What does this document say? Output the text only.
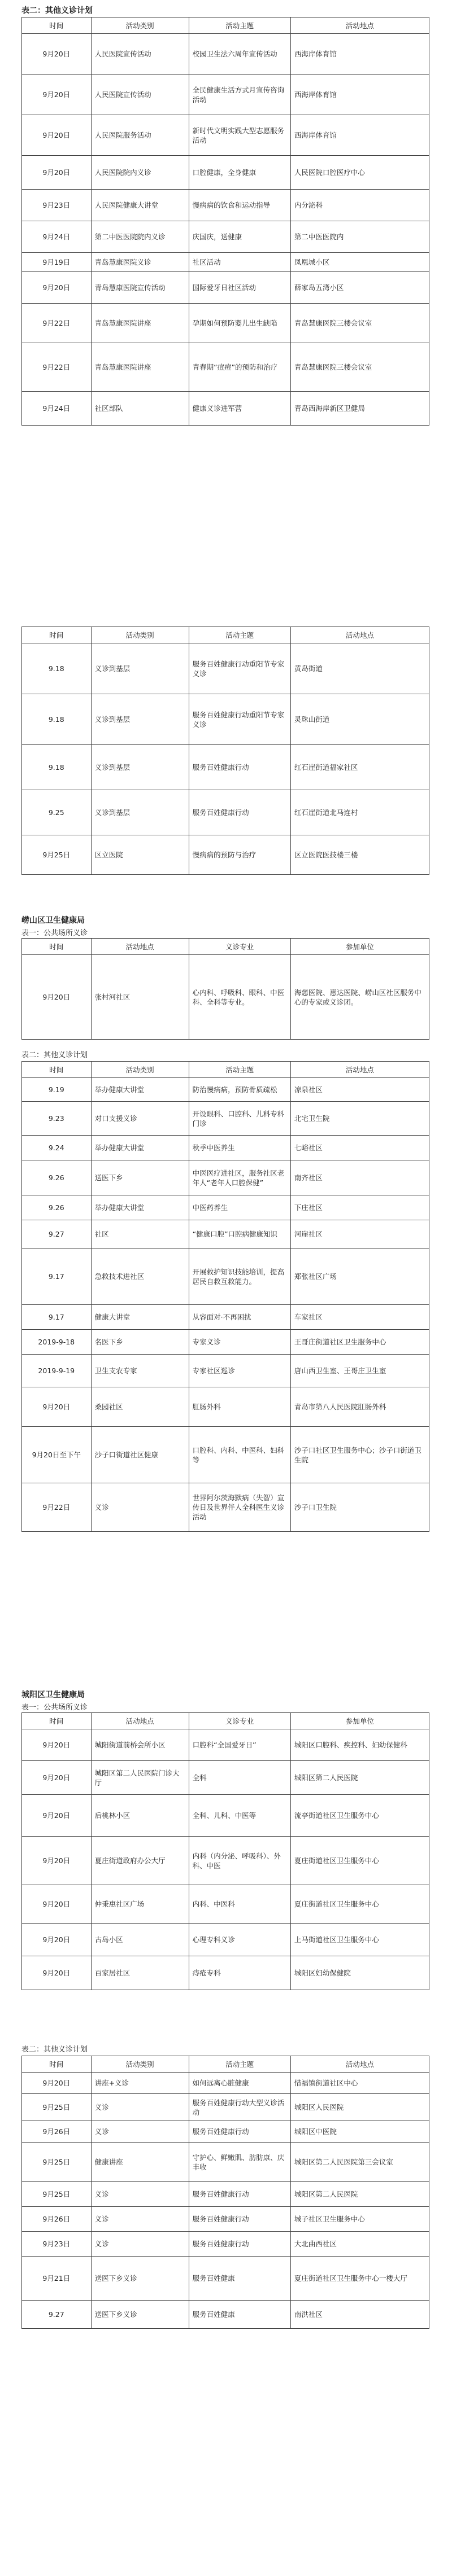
表二：其他义诊计划
时间	活动类别	活动主题	活动地点
9月20日	人民医院宣传活动	校园卫生法六周年宣传活动	西海岸体育馆
9月20日	人民医院宣传活动	全民健康生活方式月宣传咨询活动	西海岸体育馆
9月20日	人民医院服务活动	新时代文明实践大型志愿服务活动	西海岸体育馆
9月20日	人民医院院内义诊	口腔健康，全身健康	人民医院口腔医疗中心
9月23日	人民医院健康大讲堂	慢病病的饮食和运动指导	内分泌科
9月24日	第二中医医院院内义诊	庆国庆，送健康	第二中医医院内
9月19日	青岛慧康医院义诊	社区活动	凤凰城小区
9月20日	青岛慧康医院宣传活动	国际爱牙日社区活动	薛家岛五湾小区
9月22日	青岛慧康医院讲座	孕期如何预防婴儿出生缺陷	青岛慧康医院三楼会议室
9月22日	青岛慧康医院讲座	青春期“痘痘”的预防和治疗	青岛慧康医院三楼会议室
9月24日	社区部队	健康义诊进军营	青岛西海岸新区卫健局
时间	活动类别	活动主题	活动地点
9.18	义诊到基层	服务百姓健康行动重阳节专家义诊	黄岛街道
9.18	义诊到基层	服务百姓健康行动重阳节专家义诊	灵珠山街道
9.18	义诊到基层	服务百姓健康行动	红石崖街道福家社区
9.25	义诊到基层	服务百姓健康行动	红石崖街道北马连村
9月25日	区立医院	慢病病的预防与治疗	区立医院医技楼三楼
崂山区卫生健康局
表一：公共场所义诊
时间	活动地点	义诊专业	参加单位
9月20日	张村河社区	心内科、呼吸科、眼科、中医科、全科等专业。	海慈医院、惠达医院、崂山区社区服务中心的专家或义诊团。
表二：其他义诊计划
时间	活动类别	活动主题	活动地点
9.19	举办健康大讲堂	防治慢病病，预防骨质疏松	凉泉社区
9.23	对口支援义诊	开设眼科、口腔科、儿科专科门诊	北宅卫生院
9.24	举办健康大讲堂	秋季中医养生	七峪社区
9.26	送医下乡	中医医疗进社区，服务社区老年人“老年人口腔保健”	南齐社区
9.26	举办健康大讲堂	中医药养生	下庄社区
9.27	社区	“健康口腔”口腔病健康知识	河崖社区
9.17	急救技术进社区	开展救护知识技能培训，提高居民自救互救能力。	郑张社区广场
9.17	健康大讲堂	从容面对·不再困扰	车家社区
2019-9-18	名医下乡	专家义诊	王哥庄街道社区卫生服务中心
2019-9-19	卫生支农专家	专家社区巡诊	唐山西卫生室、王哥庄卫生室
9月20日	桑园社区	肛肠外科	青岛市第八人民医院肛肠外科
9月20日至下午	沙子口街道社区健康	口腔科、内科、中医科、妇科等	沙子口社区卫生服务中心；沙子口街道卫生院
9月22日	义诊	世界阿尔茨海默病（失智）宣传日及世界伴人全科医生义诊活动	沙子口卫生院
城阳区卫生健康局
表一：公共场所义诊
时间	活动地点	义诊专业	参加单位
9月20日	城阳街道前桥会所小区	口腔科“全国爱牙日”	城阳区口腔科、疾控科、妇幼保健科
9月20日	城阳区第二人民医院门诊大厅	全科	城阳区第二人民医院
9月20日	后桃林小区	全科、儿科、中医等	流亭街道社区卫生服务中心
9月20日	夏庄街道政府办公大厅	内科（内分泌、呼吸科）、外科、中医	夏庄街道社区卫生服务中心
9月20日	仲秉惠社区广场	内科、中医科	夏庄街道社区卫生服务中心
9月20日	古岛小区	心理专科义诊	上马街道社区卫生服务中心
9月20日	百家居社区	痔疮专科	城阳区妇幼保健院
表二：其他义诊计划
时间	活动类别	活动主题	活动地点
9月20日	讲座+义诊	如何远离心脏健康	惜福镇街道社区中心
9月25日	义诊	服务百姓健康行动大型义诊活动	城阳区人民医院
9月26日	义诊	服务百姓健康行动	城阳区中医院
9月25日	健康讲座	守护心、鲜嫩肌、肪肪康、庆丰收	城阳区第二人民医院第三会议室
9月25日	义诊	服务百姓健康行动	城阳区第二人民医院
9月26日	义诊	服务百姓健康行动	城子社区卫生服务中心
9月23日	义诊	服务百姓健康行动	大北曲西社区
9月21日	送医下乡义诊	服务百姓健康	夏庄街道社区卫生服务中心一楼大厅
9.27	送医下乡义诊	服务百姓健康	南洪社区
